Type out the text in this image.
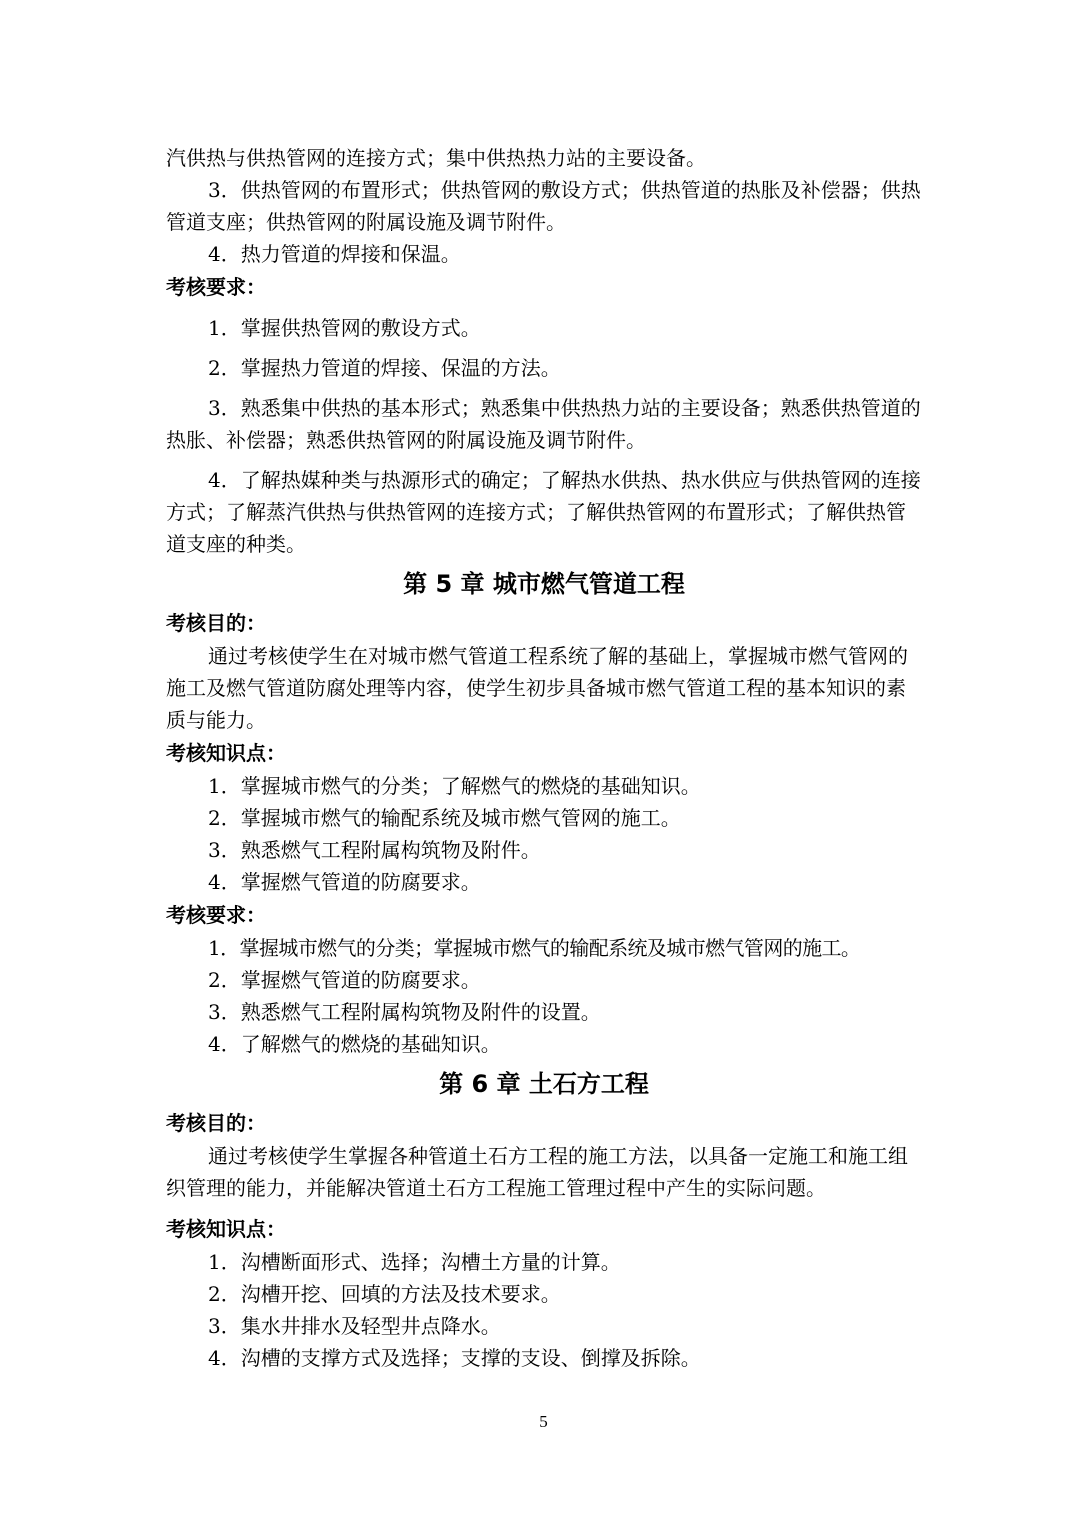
汽供热与供热管网的连接方式；集中供热热力站的主要设备。

3．供热管网的布置形式；供热管网的敷设方式；供热管道的热胀及补偿器；供热管道支座；供热管网的附属设施及调节附件。

4．热力管道的焊接和保温。

考核要求：

1．掌握供热管网的敷设方式。

2．掌握热力管道的焊接、保温的方法。

3．熟悉集中供热的基本形式；熟悉集中供热热力站的主要设备；熟悉供热管道的热胀、补偿器；熟悉供热管网的附属设施及调节附件。

4．了解热媒种类与热源形式的确定；了解热水供热、热水供应与供热管网的连接方式；了解蒸汽供热与供热管网的连接方式；了解供热管网的布置形式；了解供热管道支座的种类。

第 5 章 城市燃气管道工程

考核目的：

通过考核使学生在对城市燃气管道工程系统了解的基础上，掌握城市燃气管网的施工及燃气管道防腐处理等内容，使学生初步具备城市燃气管道工程的基本知识的素质与能力。

考核知识点：

1．掌握城市燃气的分类；了解燃气的燃烧的基础知识。

2．掌握城市燃气的输配系统及城市燃气管网的施工。

3．熟悉燃气工程附属构筑物及附件。

4．掌握燃气管道的防腐要求。

考核要求：

1．掌握城市燃气的分类；掌握城市燃气的输配系统及城市燃气管网的施工。

2．掌握燃气管道的防腐要求。

3．熟悉燃气工程附属构筑物及附件的设置。

4．了解燃气的燃烧的基础知识。

第 6 章 土石方工程

考核目的：

通过考核使学生掌握各种管道土石方工程的施工方法，以具备一定施工和施工组织管理的能力，并能解决管道土石方工程施工管理过程中产生的实际问题。

考核知识点：

1．沟槽断面形式、选择；沟槽土方量的计算。

2．沟槽开挖、回填的方法及技术要求。

3．集水井排水及轻型井点降水。

4．沟槽的支撑方式及选择；支撑的支设、倒撑及拆除。

5
